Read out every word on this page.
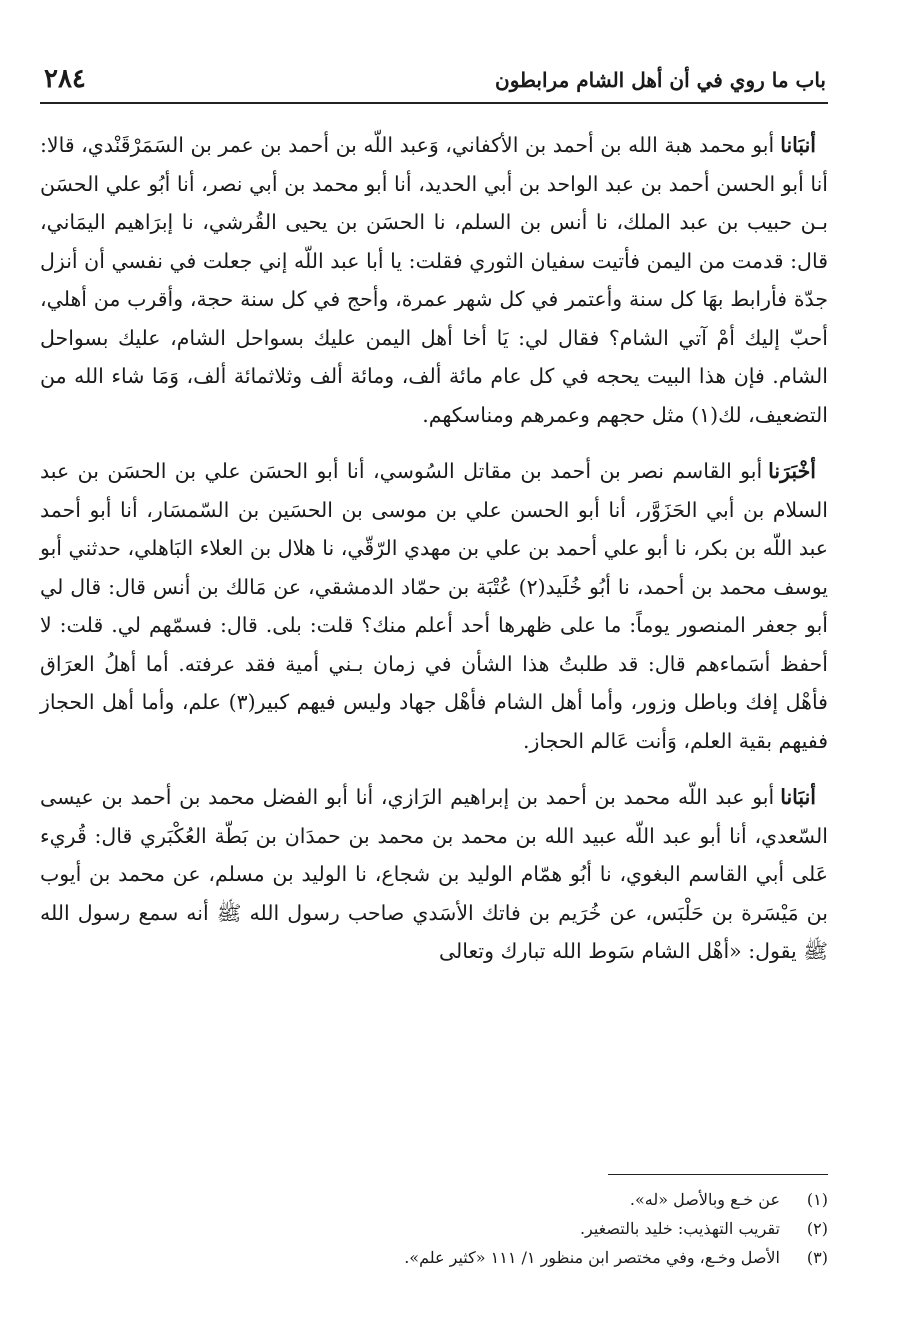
باب ما روي في أن أهل الشام مرابطون
٢٨٤

أنبَاناأبو محمد هبة الله بن أحمد بن الأكفاني، وَعبد اللّه بن أحمد بن عمر بن السَمَرْقَنْدي، قالا: أنا أبو الحسن أحمد بن عبد الواحد بن أبي الحديد، أنا أبو محمد بن أبي نصر، أنا أبُو علي الحسَن بـن حبيب بن عبد الملك، نا أنس بن السلم، نا الحسَن بن يحيى القُرشي، نا إبرَاهيم اليمَاني، قال: قدمت من اليمن فأتيت سفيان الثوري فقلت: يا أبا عبد اللّه إني جعلت في نفسي أن أنزل جدّة فأرابط بهَا كل سنة وأعتمر في كل شهر عمرة، وأحج في كل سنة حجة، وأقرب من أهلي، أحبّ إليك أمْ آتي الشام؟ فقال لي: يَا أخا أهل اليمن عليك بسواحل الشام، عليك بسواحل الشام. فإن هذا البيت يحجه في كل عام مائة ألف، ومائة ألف وثلاثمائة ألف، وَمَا شاء الله من التضعيف، لك(١) مثل حجهم وعمرهم ومناسكهم.

أخْبَرَناأبو القاسم نصر بن أحمد بن مقاتل السُوسي، أنا أبو الحسَن علي بن الحسَن بن عبد السلام بن أبي الحَزَوَّر، أنا أبو الحسن علي بن موسى بن الحسَين بن السّمسَار، أنا أبو أحمد عبد اللّه بن بكر، نا أبو علي أحمد بن علي بن مهدي الرّقّي، نا هلال بن العلاء البَاهلي، حدثني أبو يوسف محمد بن أحمد، نا أبُو خُلَيد(٢) عُتْبَة بن حمّاد الدمشقي، عن مَالك بن أنس قال: قال لي أبو جعفر المنصور يوماً: ما على ظهرها أحد أعلم منك؟ قلت: بلى. قال: فسمّهم لي. قلت: لا أحفظ أسَماءهم قال: قد طلبتُ هذا الشأن في زمان بـني أمية فقد عرفته. أما أهلُ العرَاق فأهْل إفك وباطل وزور، وأما أهل الشام فأهْل جهاد وليس فيهم كبير(٣) علم، وأما أهل الحجاز ففيهم بقية العلم، وَأنت عَالم الحجاز.

أنبَاناأبو عبد اللّه محمد بن أحمد بن إبراهيم الرَازي، أنا أبو الفضل محمد بن أحمد بن عيسى السّعدي، أنا أبو عبد اللّه عبيد الله بن محمد بن محمد بن حمدَان بن بَطّة العُكْبَري قال: قُريء عَلى أبي القاسم البغوي، نا أبُو همّام الوليد بن شجاع، نا الوليد بن مسلم، عن محمد بن أيوب بن مَيْسَرة بن حَلْبَس، عن خُرَيم بن فاتك الأسَدي صاحب رسول الله ﷺ أنه سمع رسول الله ﷺ يقول: «أهْل الشام سَوط الله تبارك وتعالى

(١)
عن خـع وبالأصل «له».
(٢)
تقريب التهذيب: خليد بالتصغير.
(٣)
الأصل وخـع، وفي مختصر ابن منظور ١/ ١١١ «كثير علم».
